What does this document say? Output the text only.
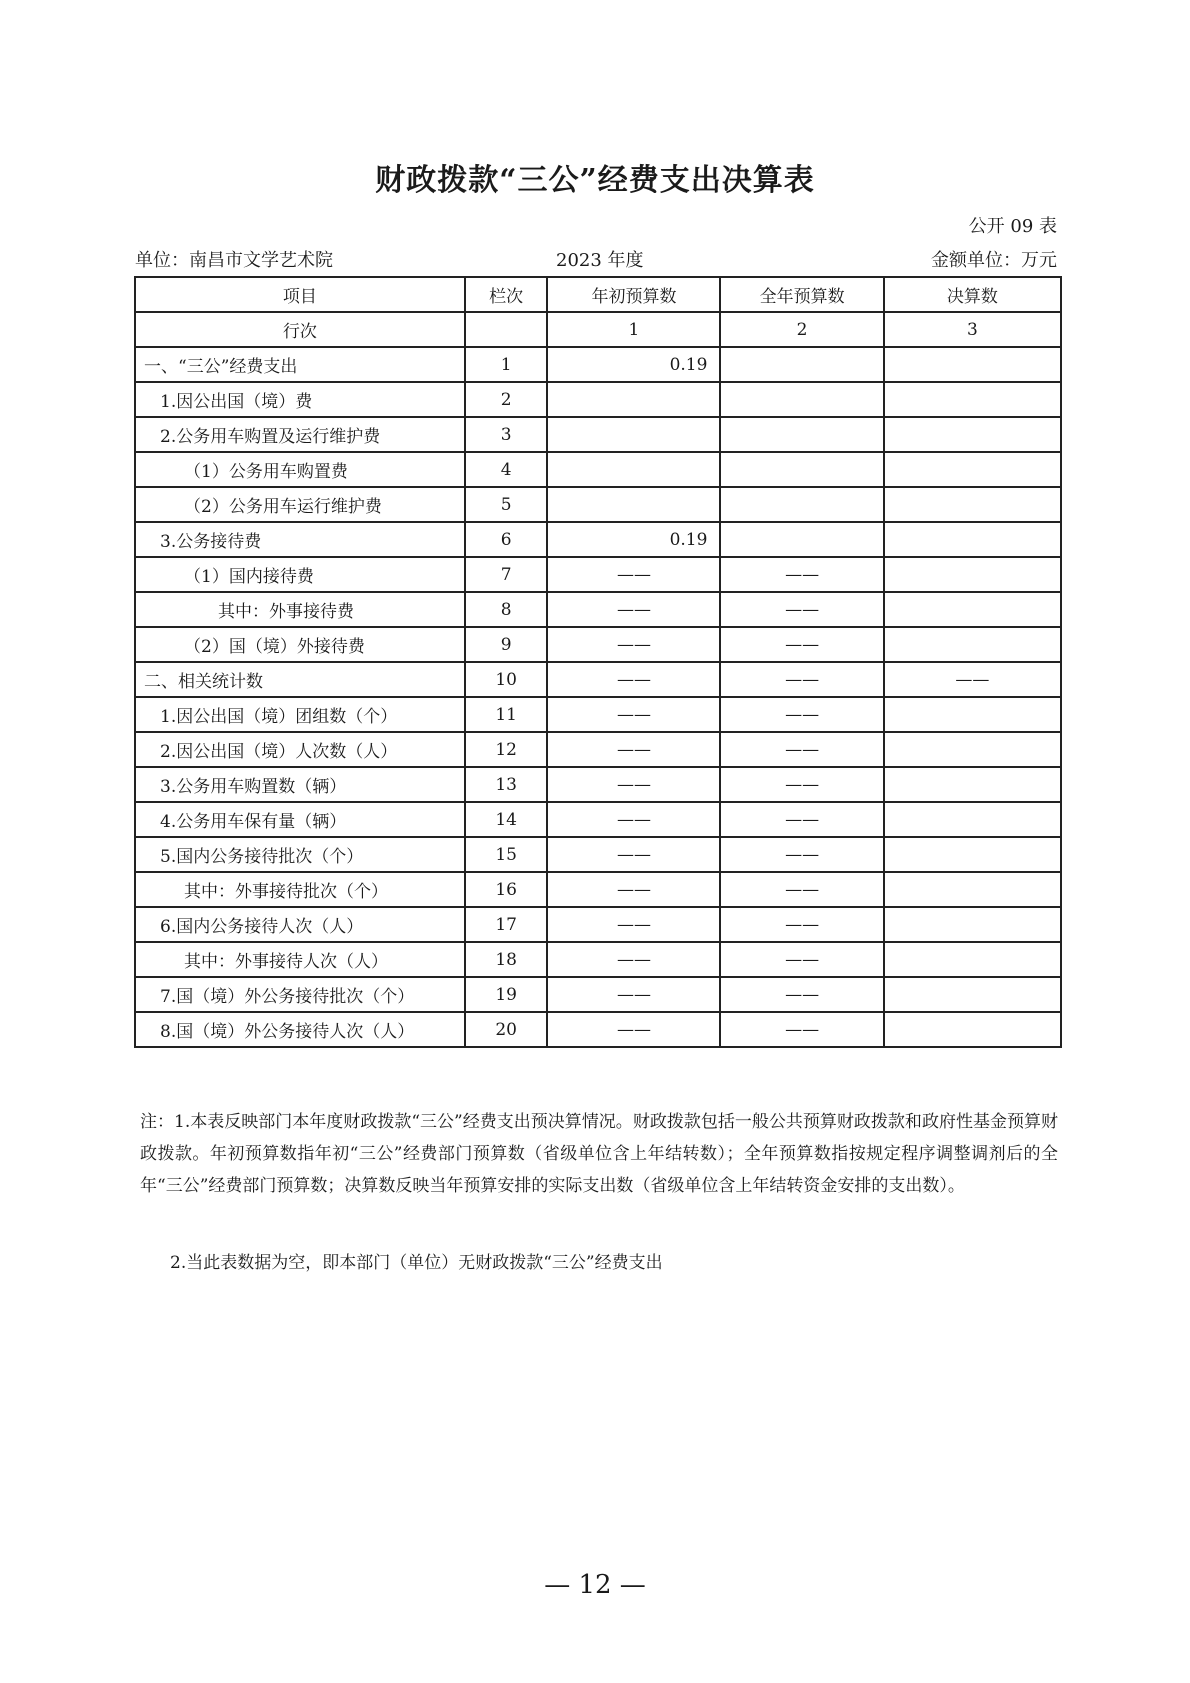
财政拨款“三公”经费支出决算表
公开 09 表
单位：南昌市文学艺术院	2023 年度	金额单位：万元
项目	栏次	年初预算数	全年预算数	决算数
行次		1	2	3
一、“三公”经费支出	1	0.19		
1.因公出国（境）费	2			
2.公务用车购置及运行维护费	3			
（1）公务用车购置费	4			
（2）公务用车运行维护费	5			
3.公务接待费	6	0.19		
（1）国内接待费	7	——	——	
其中：外事接待费	8	——	——	
（2）国（境）外接待费	9	——	——	
二、相关统计数	10	——	——	——
1.因公出国（境）团组数（个）	11	——	——	
2.因公出国（境）人次数（人）	12	——	——	
3.公务用车购置数（辆）	13	——	——	
4.公务用车保有量（辆）	14	——	——	
5.国内公务接待批次（个）	15	——	——	
其中：外事接待批次（个）	16	——	——	
6.国内公务接待人次（人）	17	——	——	
其中：外事接待人次（人）	18	——	——	
7.国（境）外公务接待批次（个）	19	——	——	
8.国（境）外公务接待人次（人）	20	——	——	
注：1.本表反映部门本年度财政拨款“三公”经费支出预决算情况。财政拨款包括一般公共预算财政拨款和政府性基金预算财政拨款。年初预算数指年初“三公”经费部门预算数（省级单位含上年结转数）；全年预算数指按规定程序调整调剂后的全年“三公”经费部门预算数；决算数反映当年预算安排的实际支出数（省级单位含上年结转资金安排的支出数）。
2.当此表数据为空，即本部门（单位）无财政拨款“三公”经费支出
— 12 —
